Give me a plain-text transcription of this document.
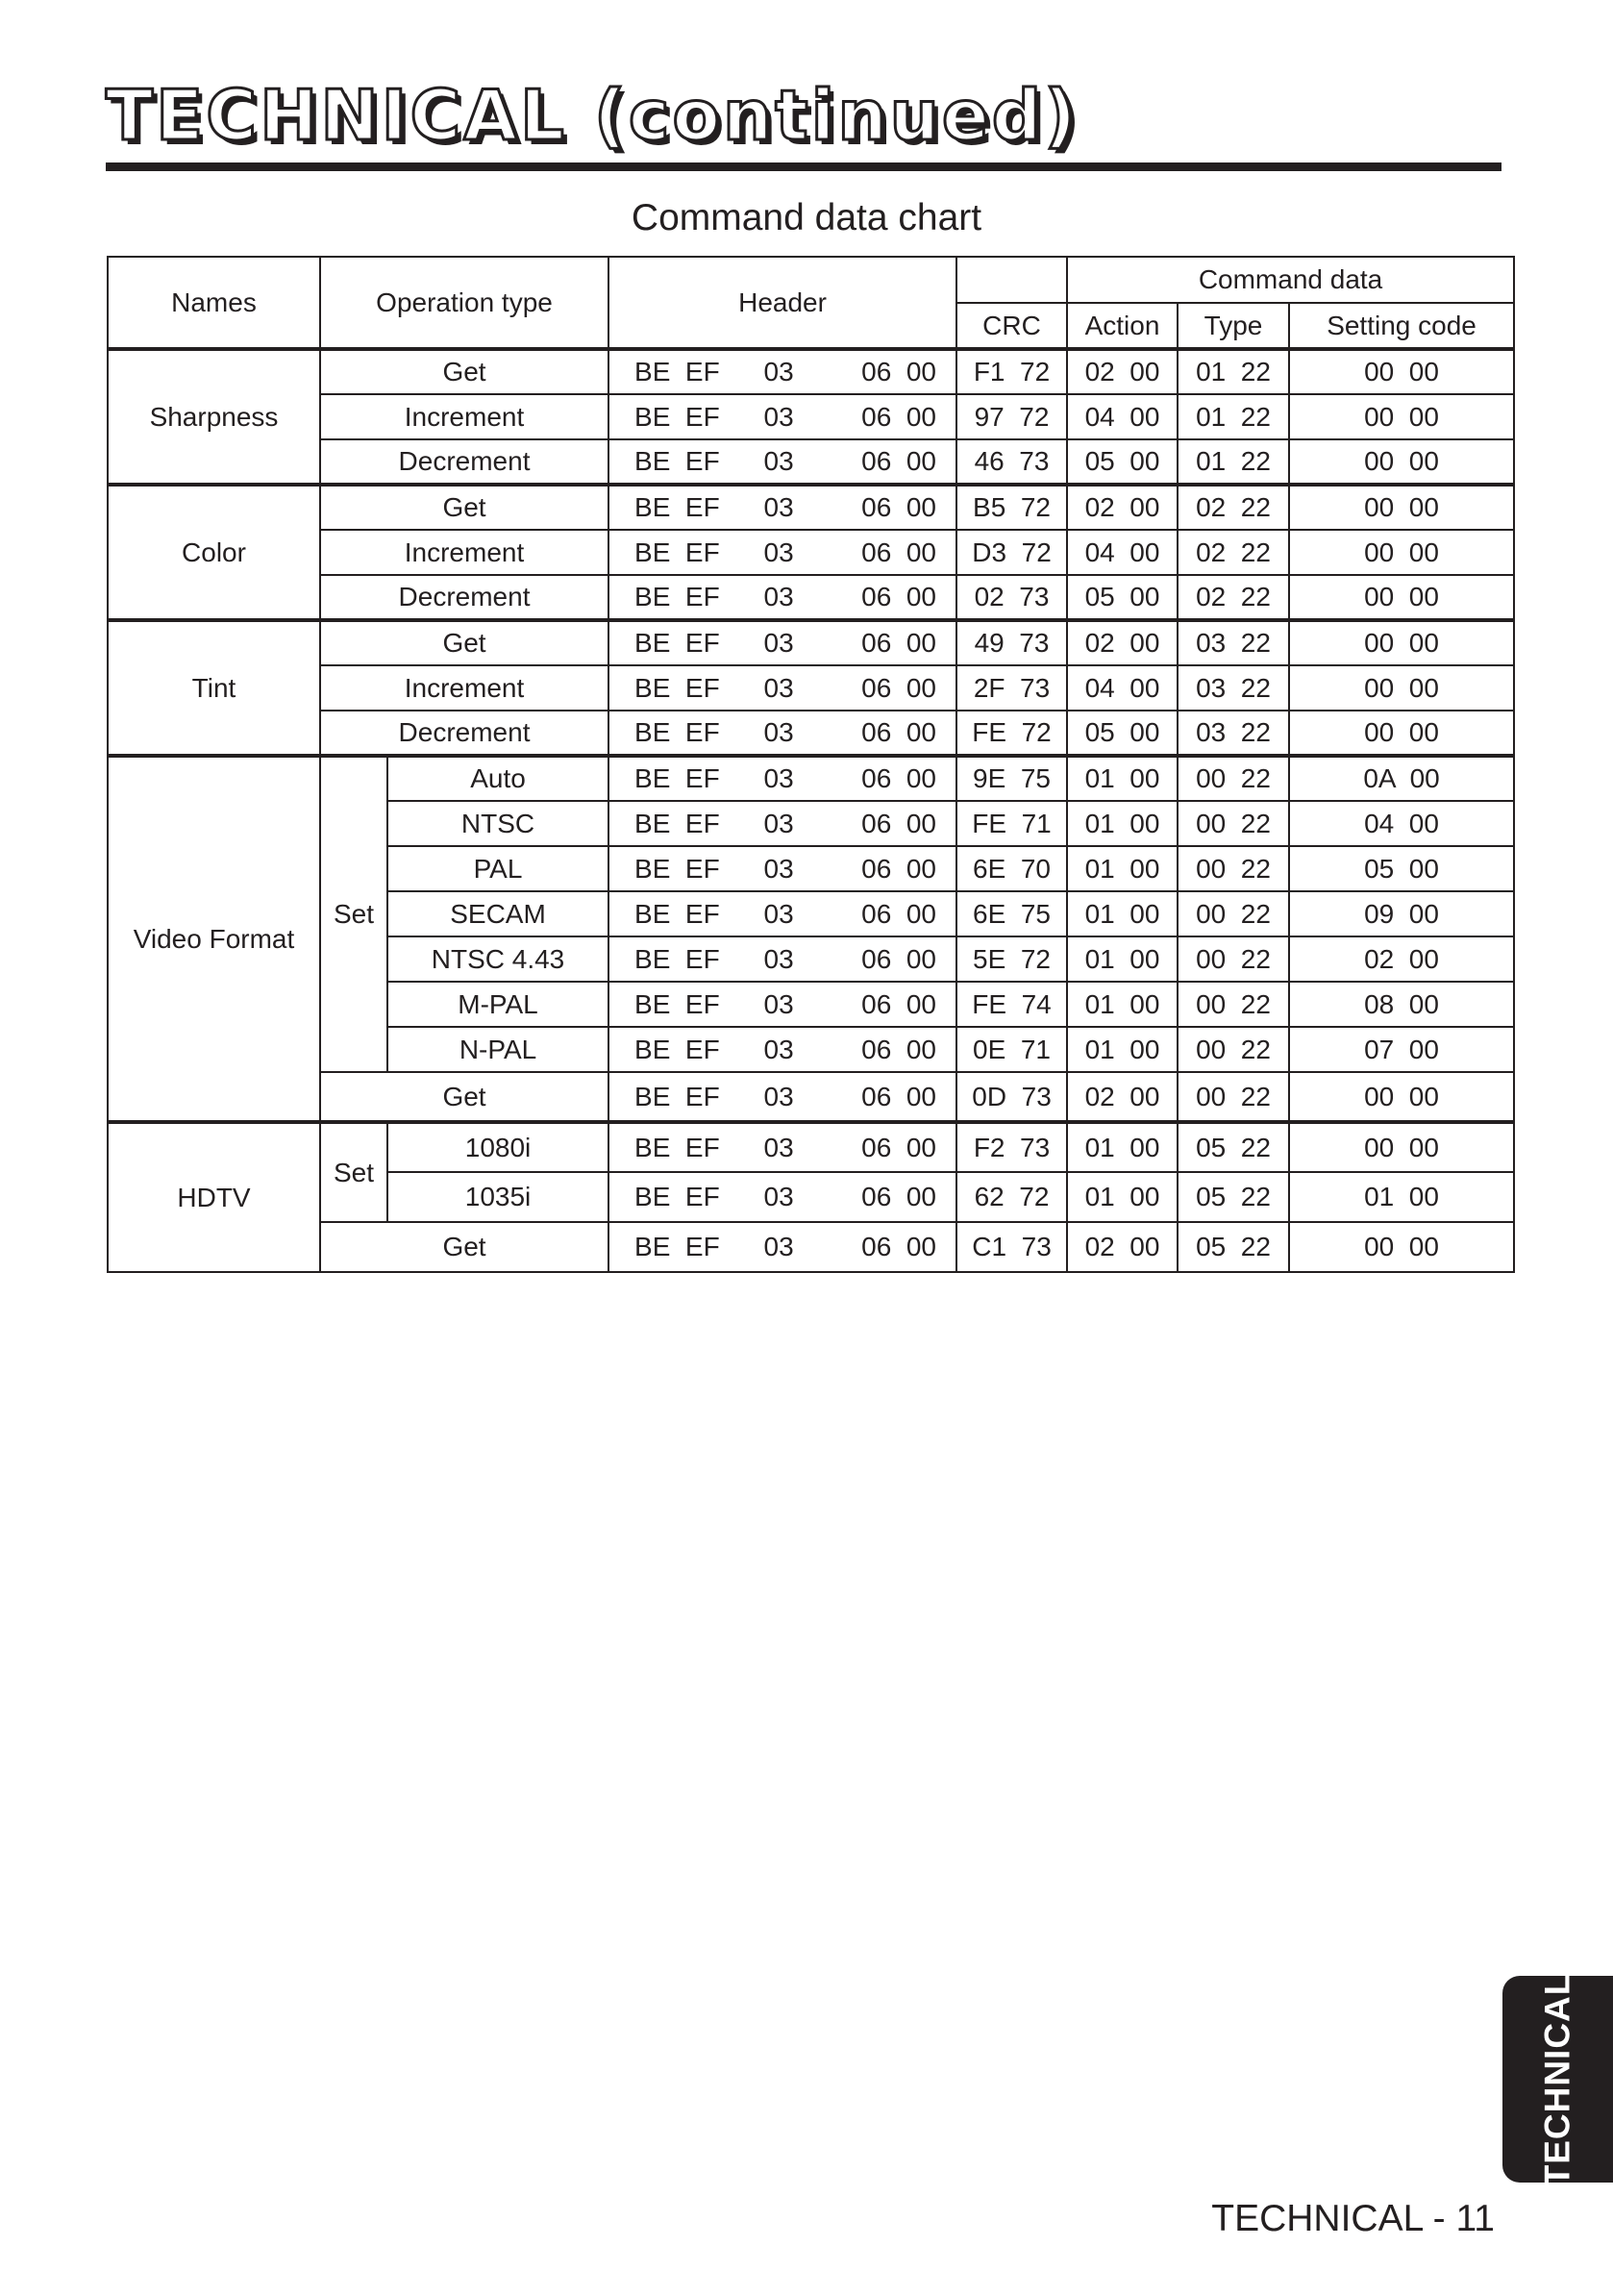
TECHNICAL (continued)
Command data chart
Names	Operation type		Header		Command data		
				CRC	Action	Type	Setting code
Sharpness	Get		BE  EF 03 06  00	F1  72	02  00	01  22	00  00
	Increment		BE  EF 03 06  00	97  72	04  00	01  22	00  00
	Decrement		BE  EF 03 06  00	46  73	05  00	01  22	00  00
Color	Get		BE  EF 03 06  00	B5  72	02  00	02  22	00  00
	Increment		BE  EF 03 06  00	D3  72	04  00	02  22	00  00
	Decrement		BE  EF 03 06  00	02  73	05  00	02  22	00  00
Tint	Get		BE  EF 03 06  00	49  73	02  00	03  22	00  00
	Increment		BE  EF 03 06  00	2F  73	04  00	03  22	00  00
	Decrement		BE  EF 03 06  00	FE  72	05  00	03  22	00  00
Video Format	Set	Auto	BE  EF 03 06  00	9E  75	01  00	00  22	0A  00
		NTSC	BE  EF 03 06  00	FE  71	01  00	00  22	04  00
		PAL	BE  EF 03 06  00	6E  70	01  00	00  22	05  00
		SECAM	BE  EF 03 06  00	6E  75	01  00	00  22	09  00
		NTSC 4.43	BE  EF 03 06  00	5E  72	01  00	00  22	02  00
		M-PAL	BE  EF 03 06  00	FE  74	01  00	00  22	08  00
		N-PAL	BE  EF 03 06  00	0E  71	01  00	00  22	07  00
	Get		BE  EF 03 06  00	0D  73	02  00	00  22	00  00
HDTV	Set	1080i	BE  EF 03 06  00	F2  73	01  00	05  22	00  00
		1035i	BE  EF 03 06  00	62  72	01  00	05  22	01  00
	Get		BE  EF 03 06  00	C1  73	02  00	05  22	00  00
TECHNICAL
TECHNICAL - 11
